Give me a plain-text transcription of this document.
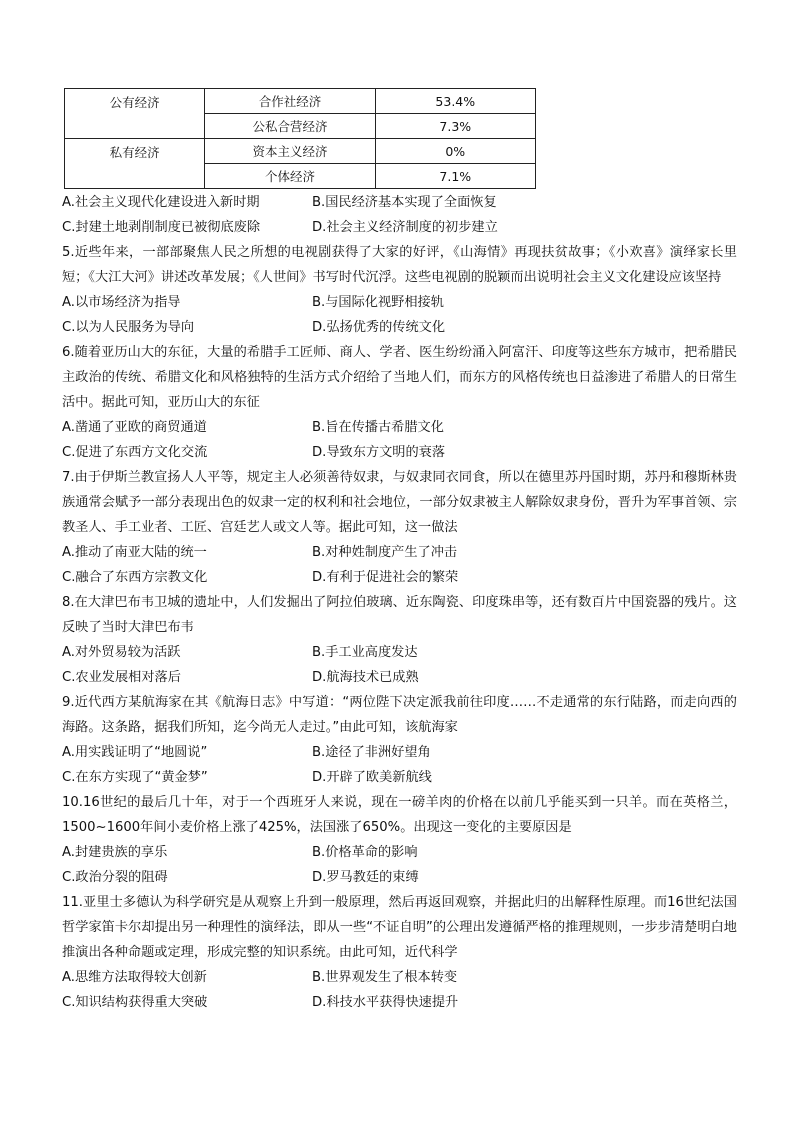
公有经济	合作社经济	53.4%
	公私合营经济	7.3%
私有经济	资本主义经济	0%
	个体经济	7.1%
A.社会主义现代化建设进入新时期	B.国民经济基本实现了全面恢复
C.封建土地剥削制度已被彻底废除	D.社会主义经济制度的初步建立

5.近些年来，一部部聚焦人民之所想的电视剧获得了大家的好评，《山海情》再现扶贫故事；《小欢喜》演绎家长里短；《大江大河》讲述改革发展；《人世间》书写时代沉浮。这些电视剧的脱颖而出说明社会主义文化建设应该坚持

A.以市场经济为指导	B.与国际化视野相接轨
C.以为人民服务为导向	D.弘扬优秀的传统文化

6.随着亚历山大的东征，大量的希腊手工匠师、商人、学者、医生纷纷涌入阿富汗、印度等这些东方城市，把希腊民主政治的传统、希腊文化和风格独特的生活方式介绍给了当地人们，而东方的风格传统也日益渗进了希腊人的日常生活中。据此可知，亚历山大的东征

A.凿通了亚欧的商贸通道	B.旨在传播古希腊文化
C.促进了东西方文化交流	D.导致东方文明的衰落

7.由于伊斯兰教宣扬人人平等，规定主人必须善待奴隶，与奴隶同衣同食，所以在德里苏丹国时期，苏丹和穆斯林贵族通常会赋予一部分表现出色的奴隶一定的权利和社会地位，一部分奴隶被主人解除奴隶身份，晋升为军事首领、宗教圣人、手工业者、工匠、宫廷艺人或文人等。据此可知，这一做法

A.推动了南亚大陆的统一	B.对种姓制度产生了冲击
C.融合了东西方宗教文化	D.有利于促进社会的繁荣

8.在大津巴布韦卫城的遗址中，人们发掘出了阿拉伯玻璃、近东陶瓷、印度珠串等，还有数百片中国瓷器的残片。这反映了当时大津巴布韦

A.对外贸易较为活跃	B.手工业高度发达
C.农业发展相对落后	D.航海技术已成熟

9.近代西方某航海家在其《航海日志》中写道：“两位陛下决定派我前往印度……不走通常的东行陆路，而走向西的海路。这条路，据我们所知，迄今尚无人走过。”由此可知，该航海家

A.用实践证明了“地圆说”	B.途径了非洲好望角
C.在东方实现了“黄金梦”	D.开辟了欧美新航线

10.16世纪的最后几十年，对于一个西班牙人来说，现在一磅羊肉的价格在以前几乎能买到一只羊。而在英格兰，1500~1600年间小麦价格上涨了425%，法国涨了650%。出现这一变化的主要原因是

A.封建贵族的享乐	B.价格革命的影响
C.政治分裂的阻碍	D.罗马教廷的束缚

11.亚里士多德认为科学研究是从观察上升到一般原理，然后再返回观察，并据此归的出解释性原理。而16世纪法国哲学家笛卡尔却提出另一种理性的演绎法，即从一些“不证自明”的公理出发遵循严格的推理规则，一步步清楚明白地推演出各种命题或定理，形成完整的知识系统。由此可知，近代科学

A.思维方法取得较大创新	B.世界观发生了根本转变
C.知识结构获得重大突破	D.科技水平获得快速提升
